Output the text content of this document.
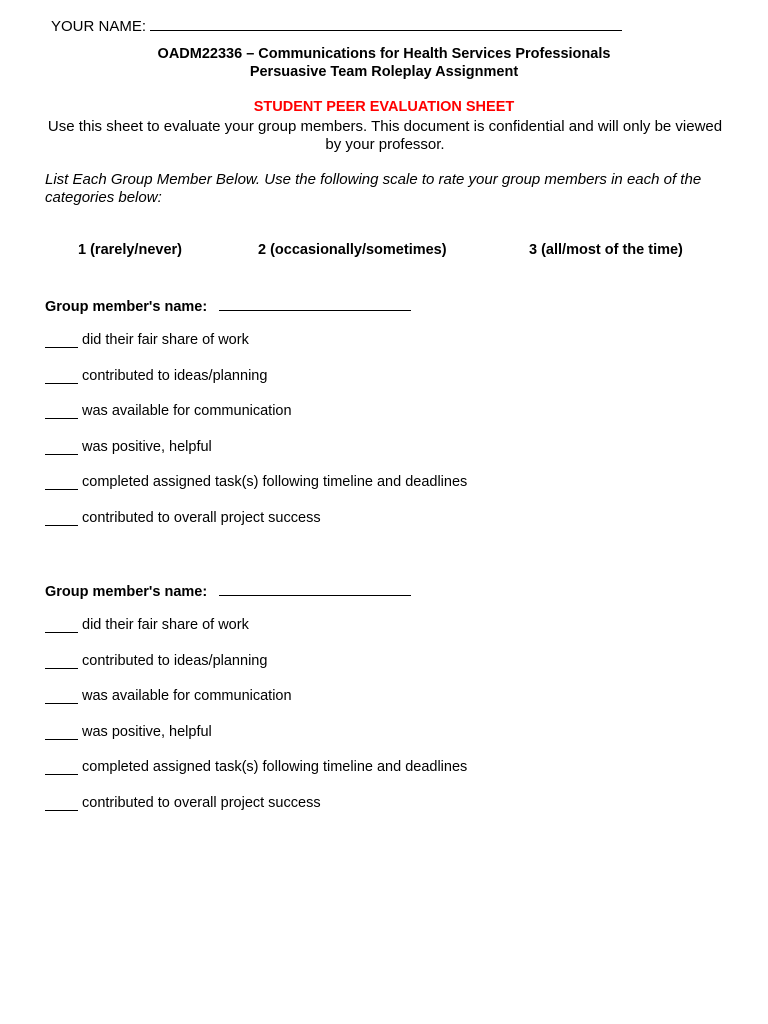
YOUR NAME:
OADM22336 – Communications for Health Services Professionals
Persuasive Team Roleplay Assignment
STUDENT PEER EVALUATION SHEET
Use this sheet to evaluate your group members. This document is confidential and will only be viewed by your professor.
List Each Group Member Below. Use the following scale to rate your group members in each of the categories below:
1 (rarely/never)	2 (occasionally/sometimes)	3 (all/most of the time)
Group member's name:
did their fair share of work
contributed to ideas/planning
was available for communication
was positive, helpful
completed assigned task(s) following timeline and deadlines
contributed to overall project success
Group member's name:
did their fair share of work
contributed to ideas/planning
was available for communication
was positive, helpful
completed assigned task(s) following timeline and deadlines
contributed to overall project success
